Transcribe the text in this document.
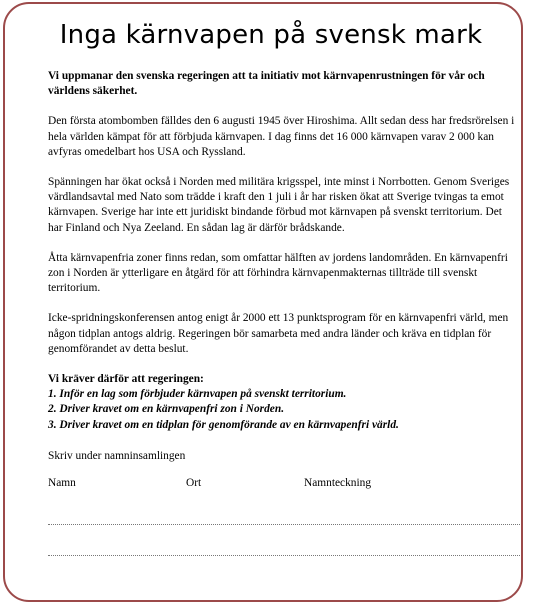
Inga kärnvapen på svensk mark

Vi uppmanar den svenska regeringen att ta initiativ mot kärnvapenrustningen för vår och världens säkerhet.

Den första atombomben fälldes den 6 augusti 1945 över Hiroshima. Allt sedan dess har fredsrörelsen i hela världen kämpat för att förbjuda kärnvapen. I dag finns det 16 000 kärnvapen varav 2 000 kan avfyras omedelbart hos USA och Ryssland.

Spänningen har ökat också i Norden med militära krigsspel, inte minst i Norrbotten. Genom Sveriges värdlandsavtal med Nato som trädde i kraft den 1 juli i år har risken ökat att Sverige tvingas ta emot kärnvapen. Sverige har inte ett juridiskt bindande förbud mot kärnvapen på svenskt territorium. Det har Finland och Nya Zeeland. En sådan lag är därför brådskande.

Åtta kärnvapenfria zoner finns redan, som omfattar hälften av jordens landområden. En kärnvapenfri zon i Norden är ytterligare en åtgärd för att förhindra kärnvapenmakternas tillträde till svenskt territorium.

Icke-spridningskonferensen antog enigt år 2000 ett 13 punktsprogram för en kärnvapenfri värld, men någon tidplan antogs aldrig. Regeringen bör samarbeta med andra länder och kräva en tidplan för genomförandet av detta beslut.

Vi kräver därför att regeringen:

1. Inför en lag som förbjuder kärnvapen på svenskt territorium.

2. Driver kravet om en kärnvapenfri zon i Norden.

3. Driver kravet om en tidplan för genomförande av en kärnvapenfri värld.

Skriv under namninsamlingen

Namn	Ort	Namnteckning
